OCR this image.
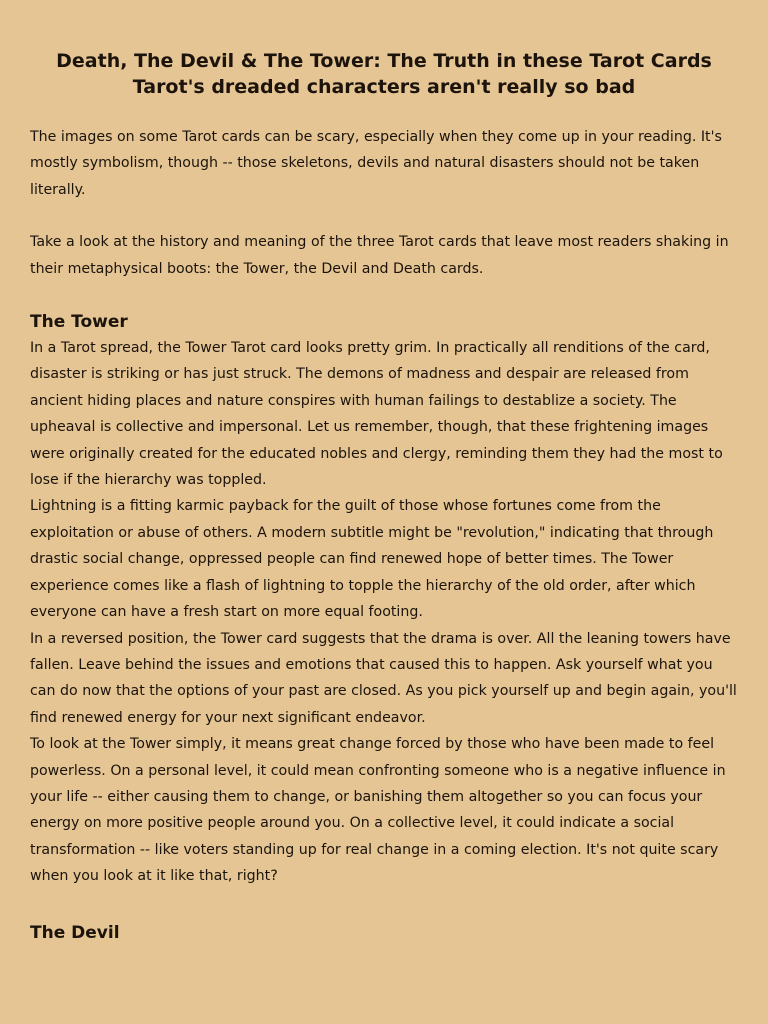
Death, The Devil & The Tower: The Truth in these Tarot Cards
Tarot's dreaded characters aren't really so bad

The images on some Tarot cards can be scary, especially when they come up in your reading. It's mostly symbolism, though -- those skeletons, devils and natural disasters should not be taken literally.

Take a look at the history and meaning of the three Tarot cards that leave most readers shaking in their metaphysical boots: the Tower, the Devil and Death cards.

The Tower

In a Tarot spread, the Tower Tarot card looks pretty grim. In practically all renditions of the card, disaster is striking or has just struck. The demons of madness and despair are released from ancient hiding places and nature conspires with human failings to destablize a society. The upheaval is collective and impersonal. Let us remember, though, that these frightening images were originally created for the educated nobles and clergy, reminding them they had the most to lose if the hierarchy was toppled.

Lightning is a fitting karmic payback for the guilt of those whose fortunes come from the exploitation or abuse of others. A modern subtitle might be "revolution," indicating that through drastic social change, oppressed people can find renewed hope of better times. The Tower experience comes like a flash of lightning to topple the hierarchy of the old order, after which everyone can have a fresh start on more equal footing.

In a reversed position, the Tower card suggests that the drama is over. All the leaning towers have fallen. Leave behind the issues and emotions that caused this to happen. Ask yourself what you can do now that the options of your past are closed. As you pick yourself up and begin again, you'll find renewed energy for your next significant endeavor.

To look at the Tower simply, it means great change forced by those who have been made to feel powerless. On a personal level, it could mean confronting someone who is a negative influence in your life -- either causing them to change, or banishing them altogether so you can focus your energy on more positive people around you. On a collective level, it could indicate a social transformation -- like voters standing up for real change in a coming election. It's not quite scary when you look at it like that, right?

The Devil
